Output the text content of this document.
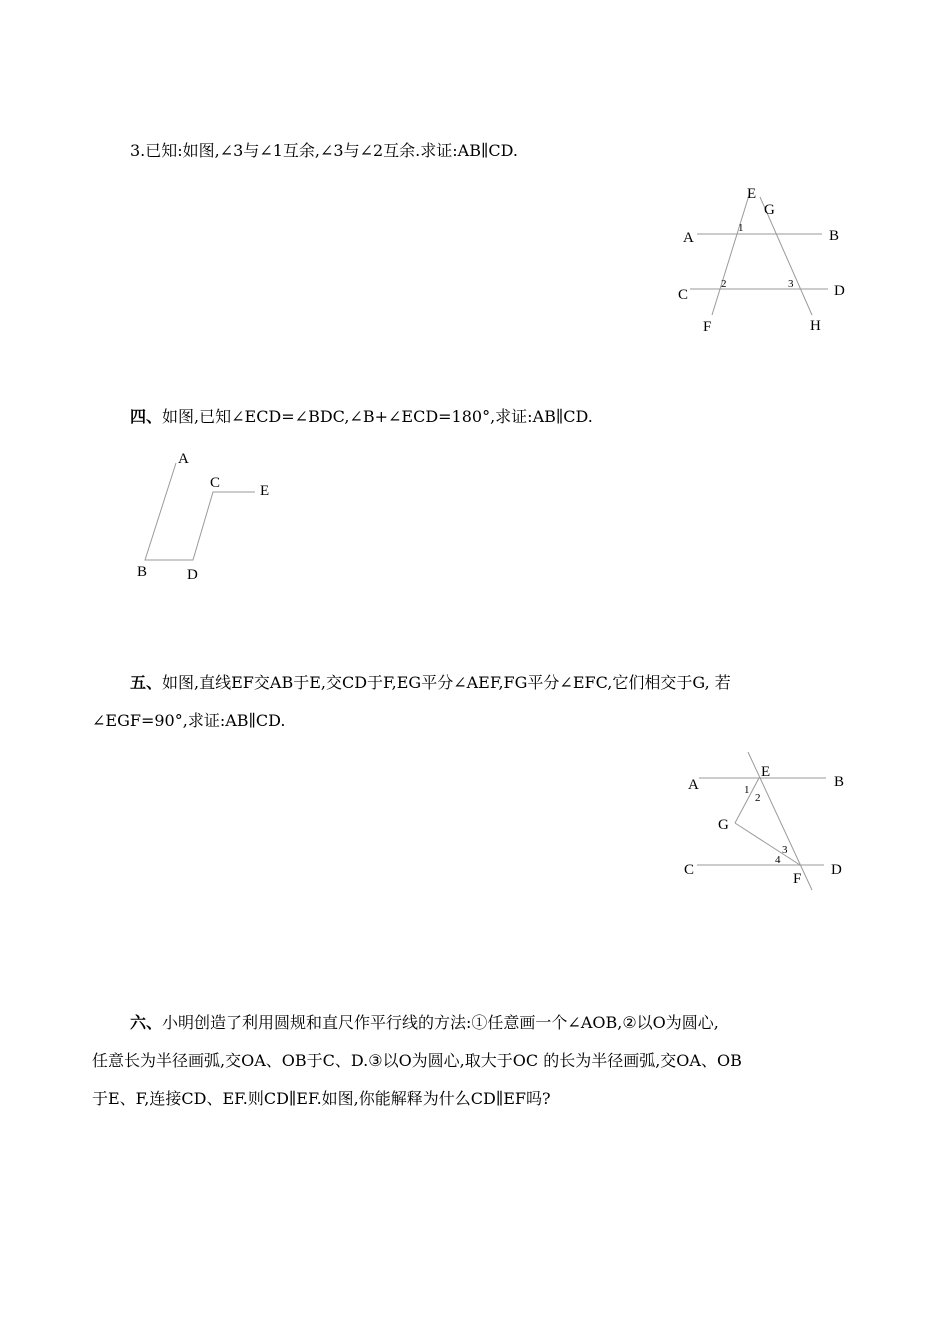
3.已知:如图,∠3与∠1互余,∠3与∠2互余.求证:AB∥CD.
E
G
A	B
C	D
F	H
1
2	3
四、如图,已知∠ECD=∠BDC,∠B+∠ECD=180°,求证:AB∥CD.
A
C	E
B	D
五、如图,直线EF交AB于E,交CD于F,EG平分∠AEF,FG平分∠EFC,它们相交于G, 若
∠EGF=90°,求证:AB∥CD.
A
E
B
G
C	D
F
1
2
3
4
六、小明创造了利用圆规和直尺作平行线的方法:①任意画一个∠AOB,②以O为圆心,
任意长为半径画弧,交OA、OB于C、D.③以O为圆心,取大于OC 的长为半径画弧,交OA、OB
于E、F,连接CD、EF.则CD∥EF.如图,你能解释为什么CD∥EF吗?
